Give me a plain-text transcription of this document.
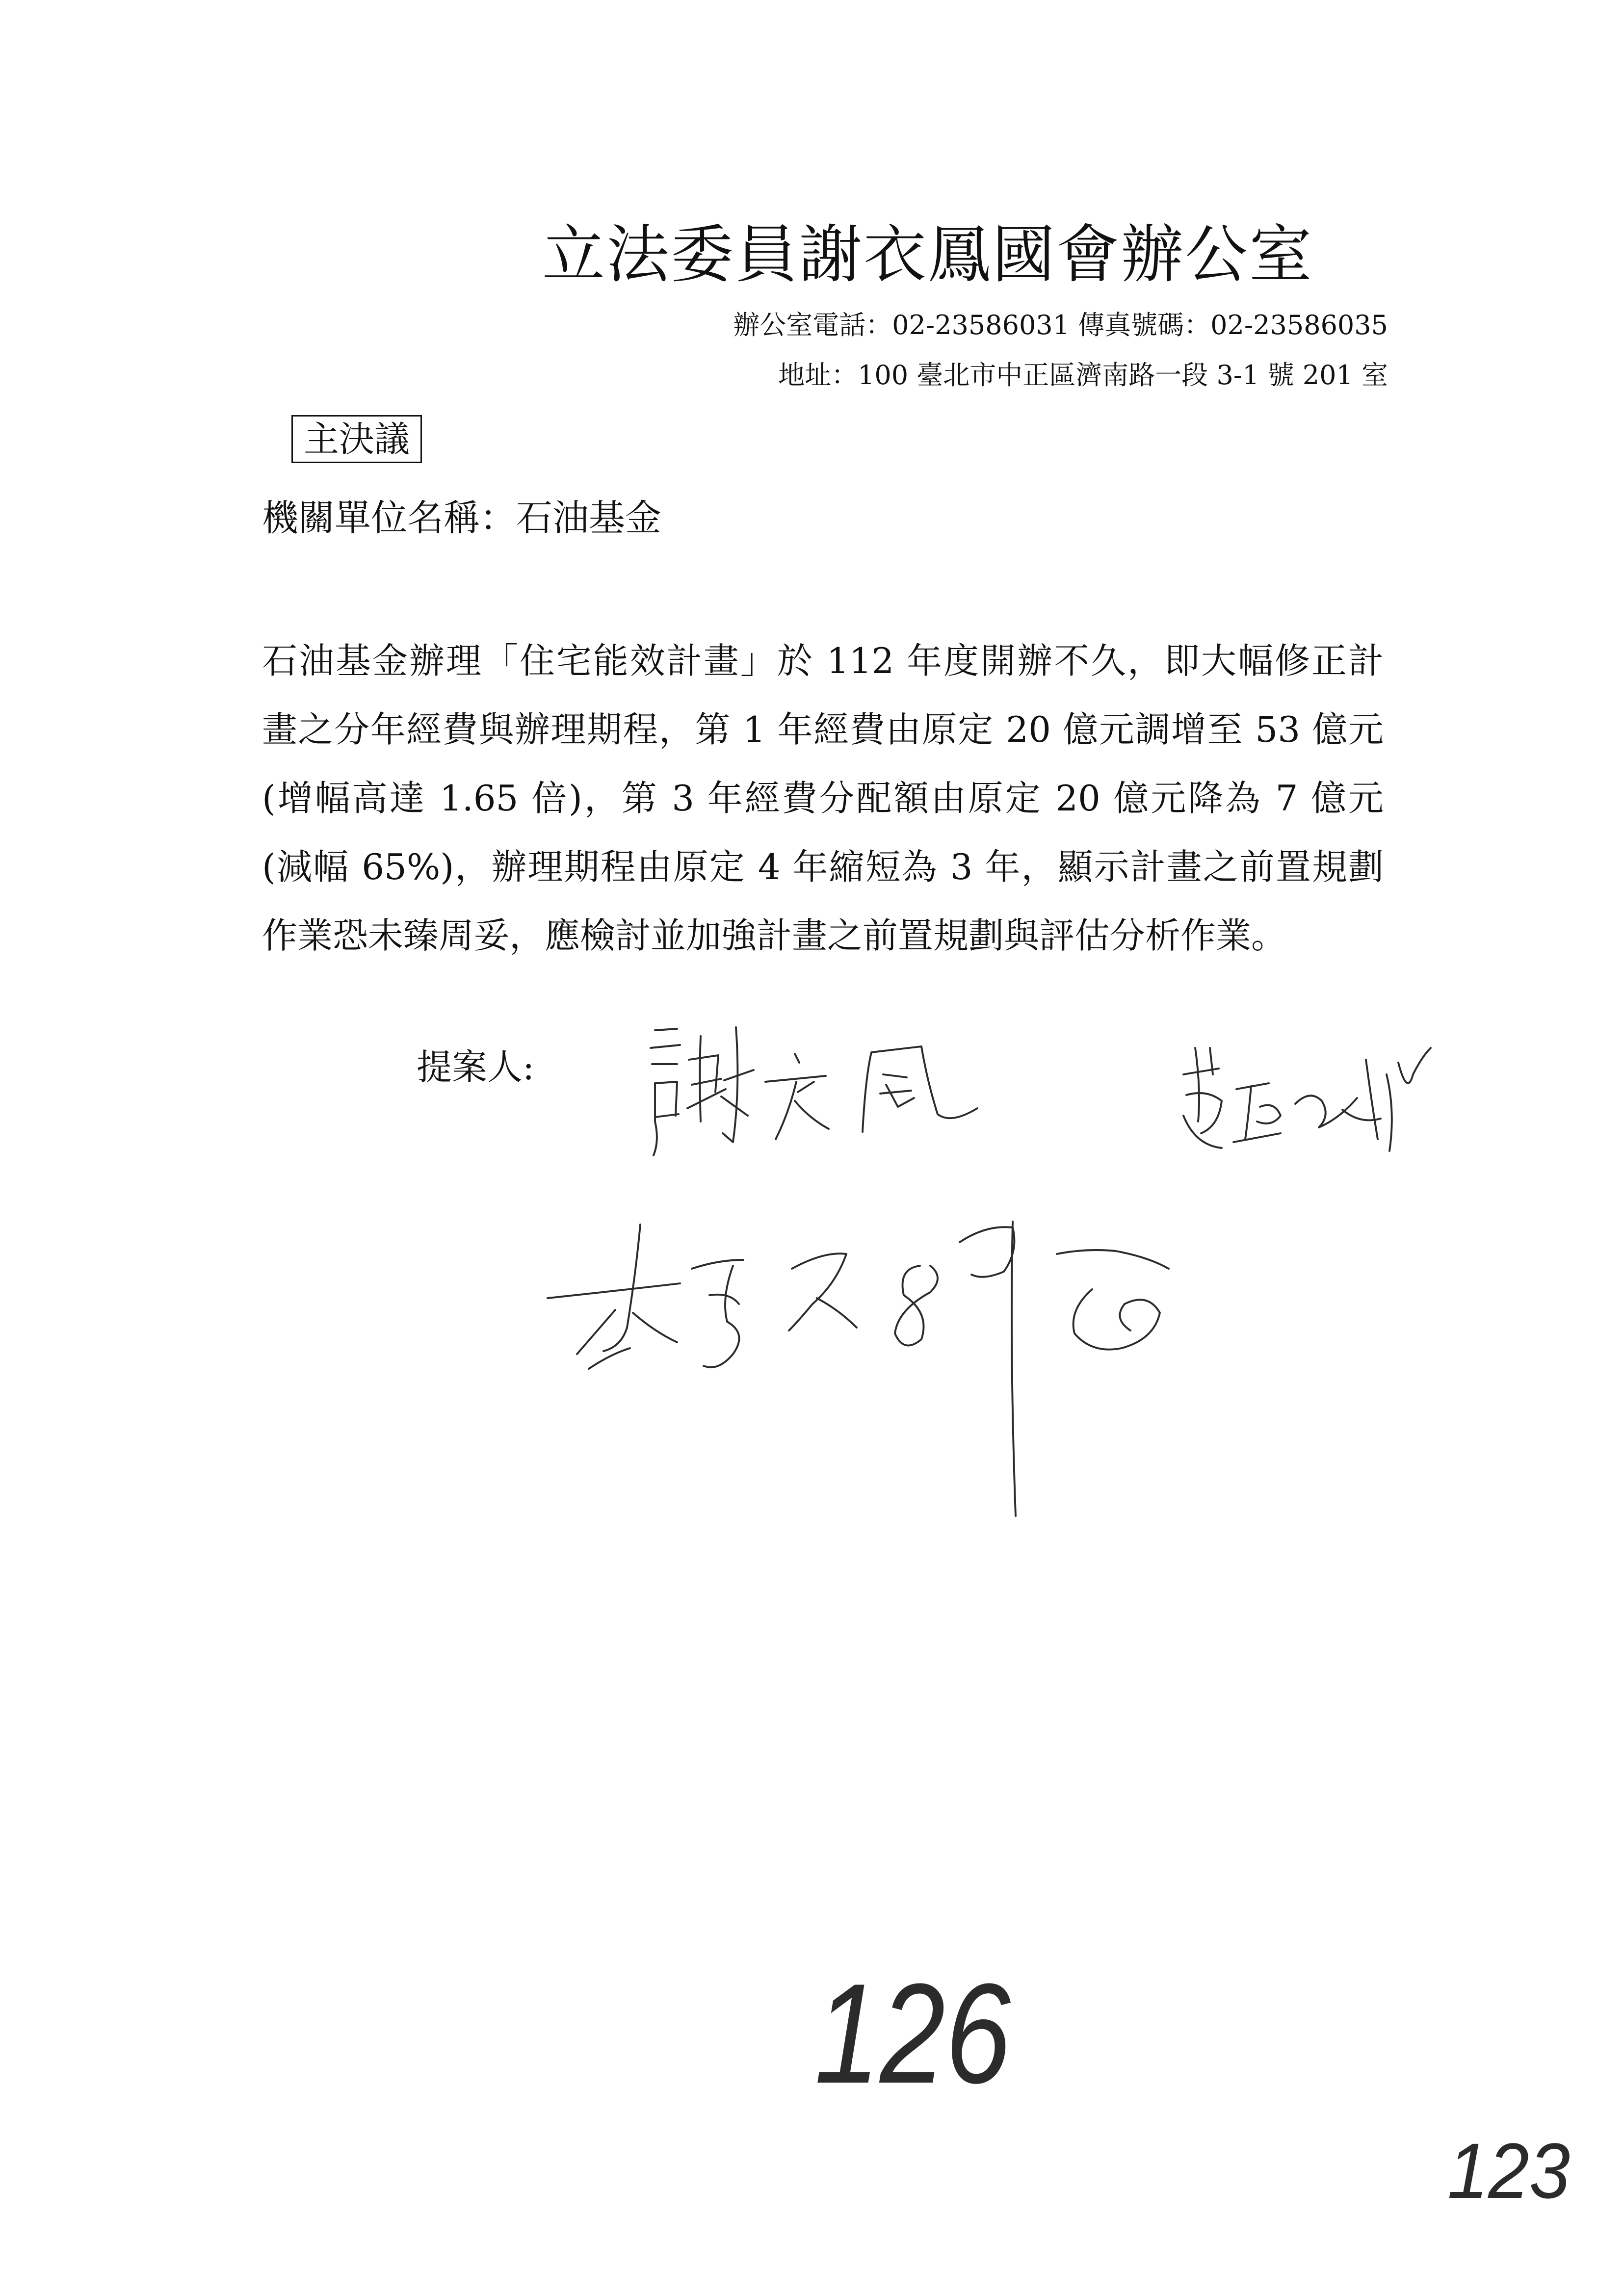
立法委員謝衣鳳國會辦公室
辦公室電話：02-23586031 傳真號碼：02-23586035
地址：100 臺北市中正區濟南路一段 3-1 號 201 室
主決議
機關單位名稱：石油基金
石油基金辦理「住宅能效計畫」於 112 年度開辦不久，即大幅修正計
畫之分年經費與辦理期程，第 1 年經費由原定 20 億元調增至 53 億元
(增幅高達 1.65 倍)，第 3 年經費分配額由原定 20 億元降為 7 億元
(減幅 65%)，辦理期程由原定 4 年縮短為 3 年，顯示計畫之前置規劃
作業恐未臻周妥，應檢討並加強計畫之前置規劃與評估分析作業。
提案人:
126
123
